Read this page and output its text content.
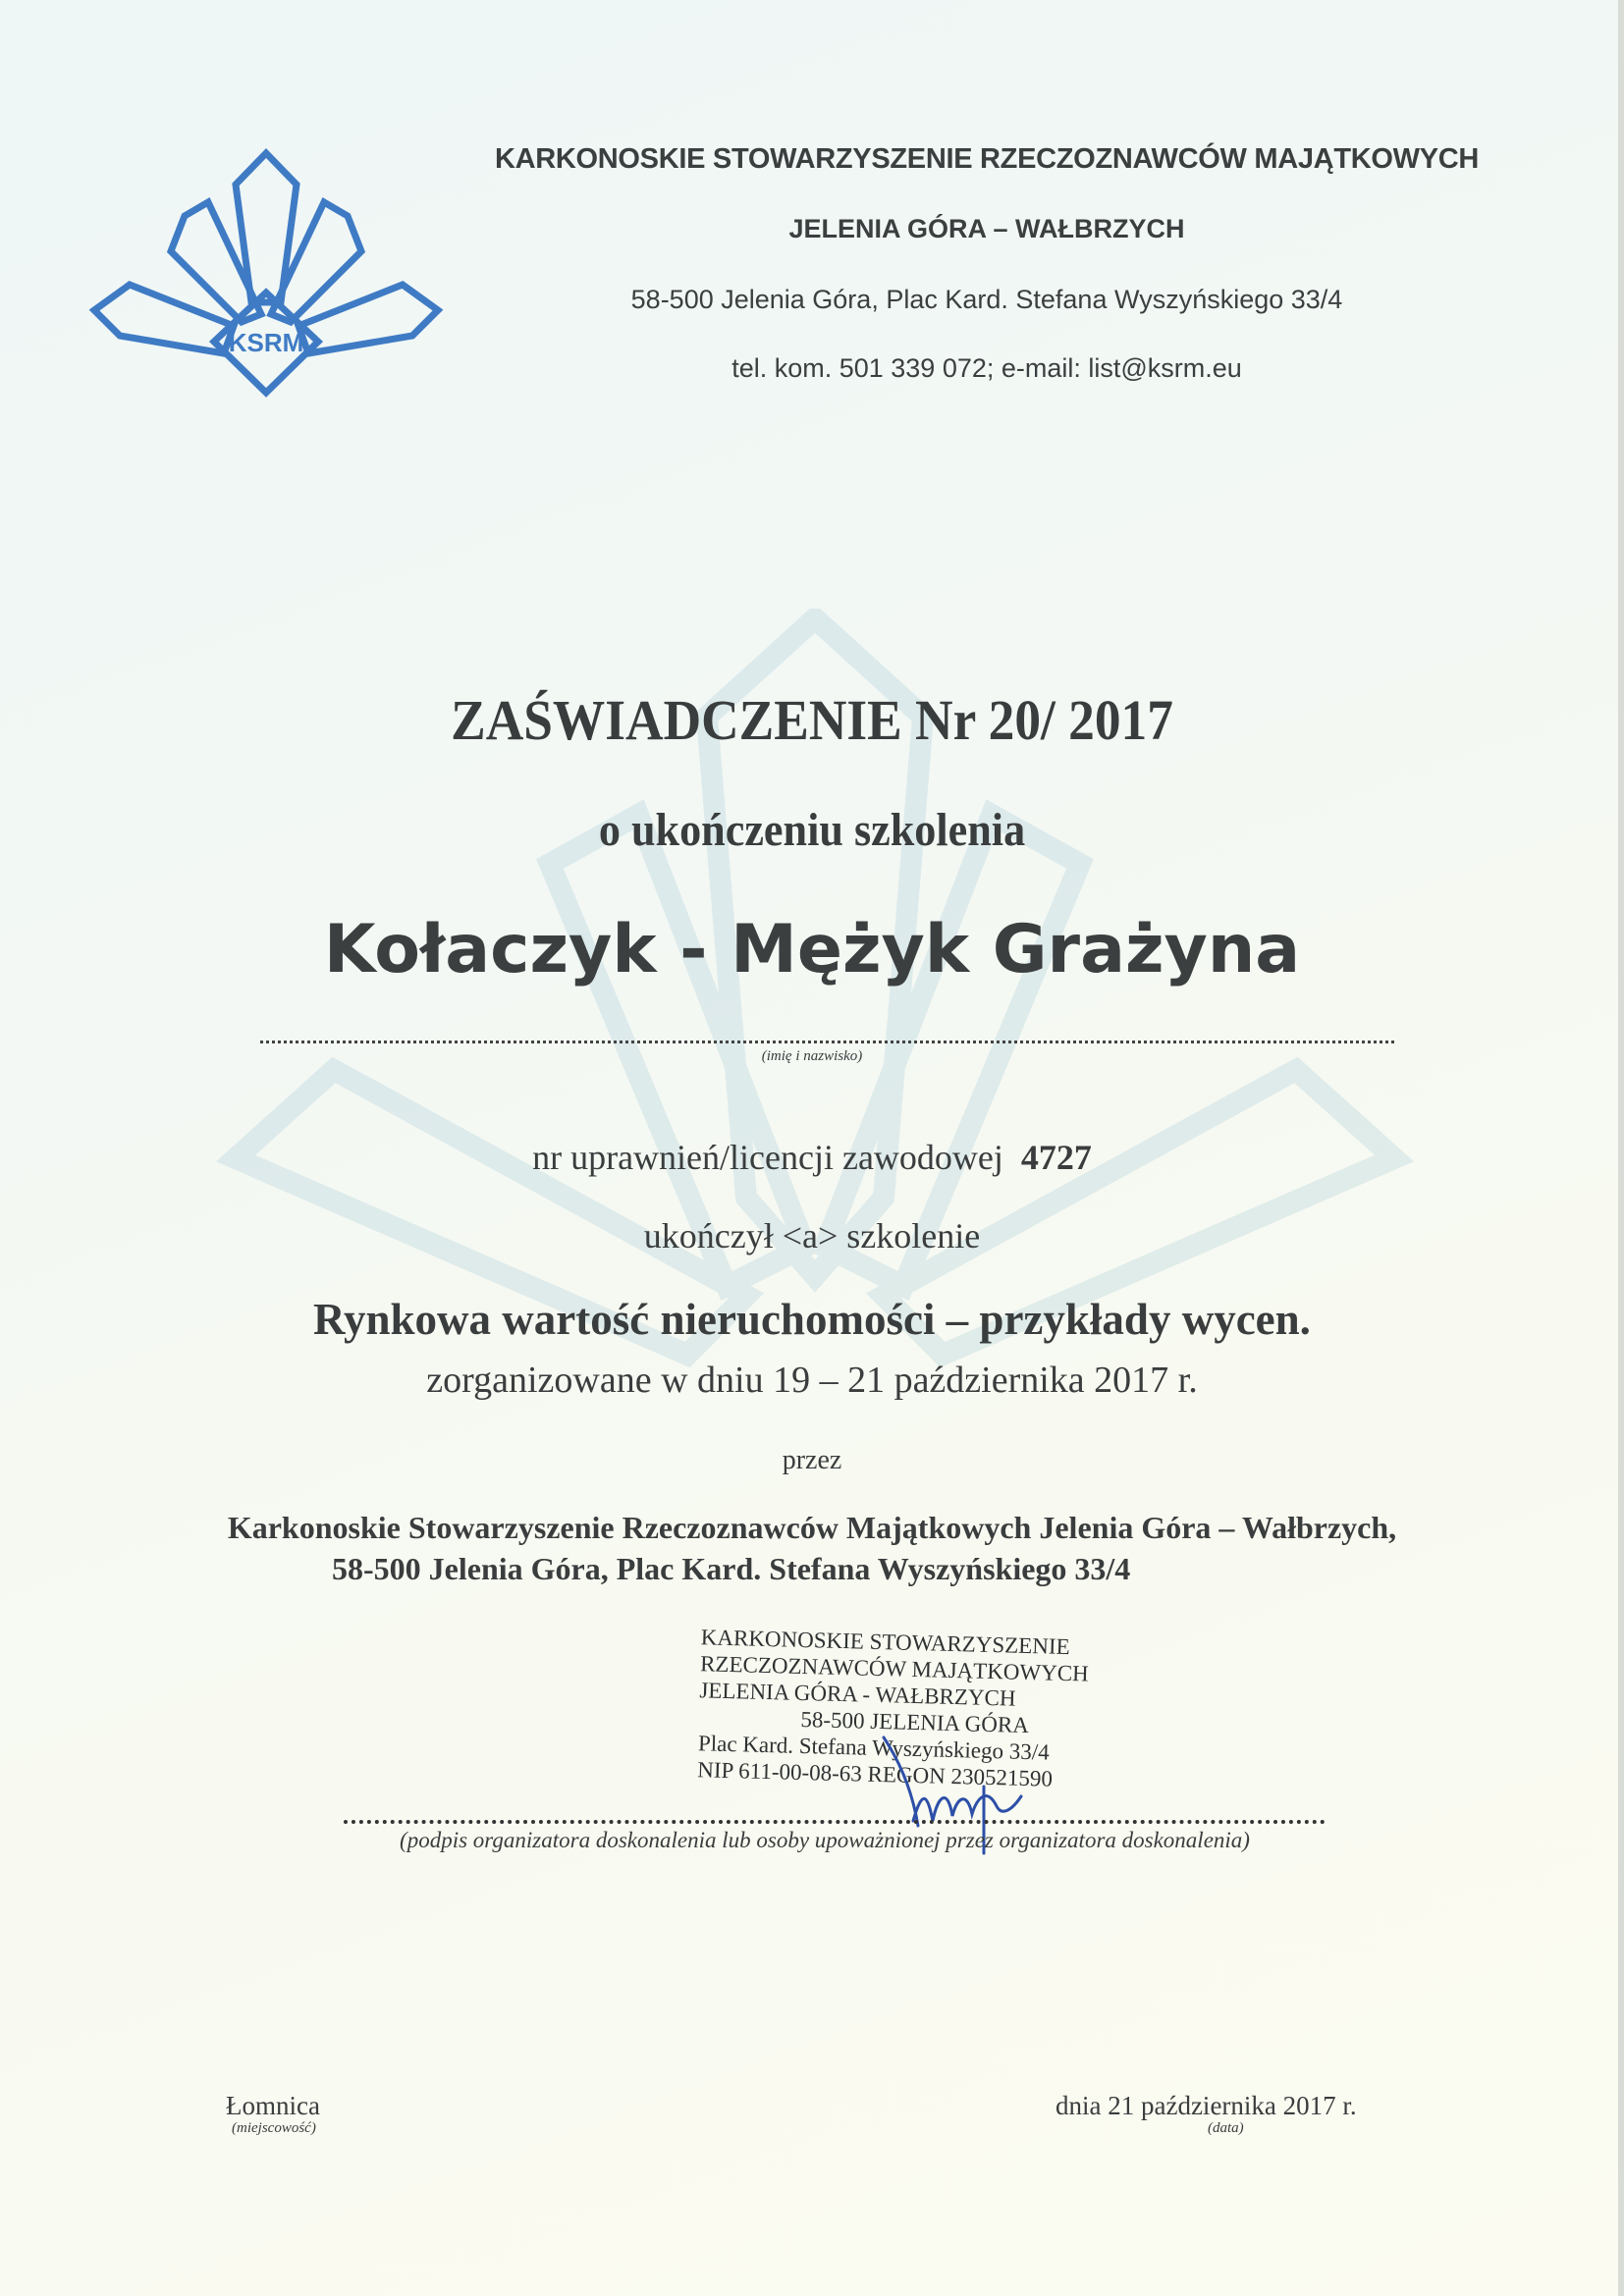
KSRM
KARKONOSKIE STOWARZYSZENIE RZECZOZNAWCÓW MAJĄTKOWYCH
JELENIA GÓRA – WAŁBRZYCH
58-500 Jelenia Góra, Plac Kard. Stefana Wyszyńskiego 33/4
tel. kom. 501 339 072; e-mail: list@ksrm.eu
ZAŚWIADCZENIE Nr 20/ 2017
o ukończeniu szkolenia
Kołaczyk - Mężyk Grażyna
(imię i nazwisko)
nr uprawnień/licencji zawodowej 4727
ukończył <a> szkolenie
Rynkowa wartość nieruchomości – przykłady wycen.
zorganizowane w dniu 19 – 21 października 2017 r.
przez
Karkonoskie Stowarzyszenie Rzeczoznawców Majątkowych Jelenia Góra – Wałbrzych,
58-500 Jelenia Góra, Plac Kard. Stefana Wyszyńskiego 33/4
KARKONOSKIE STOWARZYSZENIE
RZECZOZNAWCÓW MAJĄTKOWYCH
JELENIA GÓRA - WAŁBRZYCH
58-500 JELENIA GÓRA
Plac Kard. Stefana Wyszyńskiego 33/4
NIP 611-00-08-63 REGON 230521590
(podpis organizatora doskonalenia lub osoby upoważnionej przez organizatora doskonalenia)
Łomnica
(miejscowość)
dnia 21 października 2017 r.
(data)
